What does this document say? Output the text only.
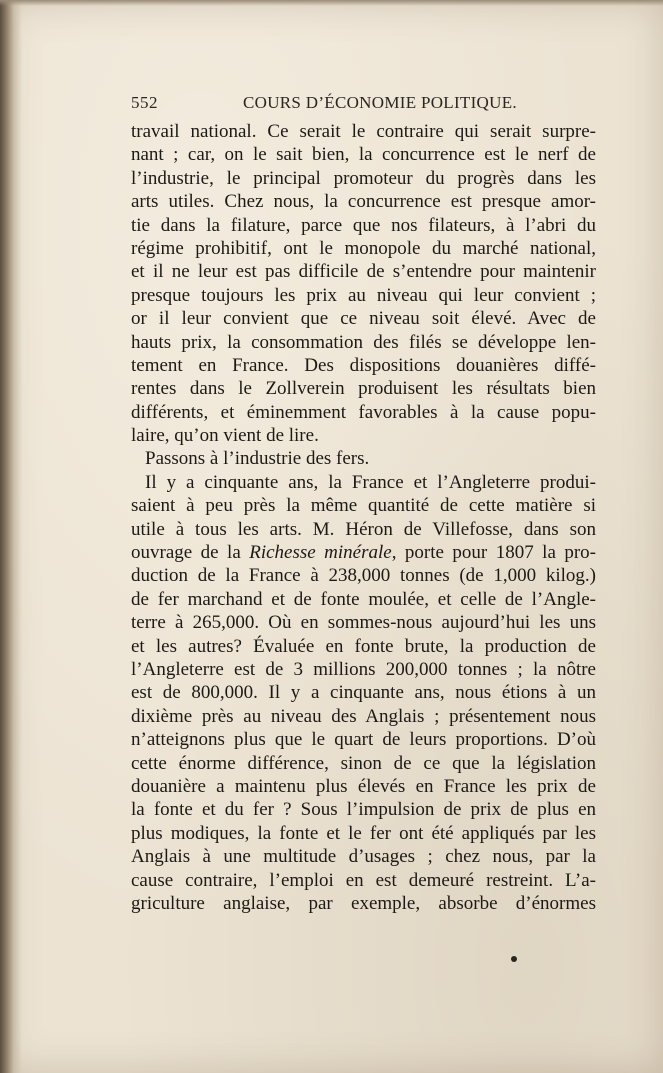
552	COURS D’ÉCONOMIE POLITIQUE.
travail national. Ce serait le contraire qui serait surpre-
nant ; car, on le sait bien, la concurrence est le nerf de
l’industrie, le principal promoteur du progrès dans les
arts utiles. Chez nous, la concurrence est presque amor-
tie dans la filature, parce que nos filateurs, à l’abri du
régime prohibitif, ont le monopole du marché national,
et il ne leur est pas difficile de s’entendre pour maintenir
presque toujours les prix au niveau qui leur convient ;
or il leur convient que ce niveau soit élevé. Avec de
hauts prix, la consommation des filés se développe len-
tement en France. Des dispositions douanières diffé-
rentes dans le Zollverein produisent les résultats bien
différents, et éminemment favorables à la cause popu-
laire, qu’on vient de lire.
Passons à l’industrie des fers.
Il y a cinquante ans, la France et l’Angleterre produi-
saient à peu près la même quantité de cette matière si
utile à tous les arts. M. Héron de Villefosse, dans son
ouvrage de la Richesse minérale, porte pour 1807 la pro-
duction de la France à 238,000 tonnes (de 1,000 kilog.)
de fer marchand et de fonte moulée, et celle de l’Angle-
terre à 265,000. Où en sommes-nous aujourd’hui les uns
et les autres? Évaluée en fonte brute, la production de
l’Angleterre est de 3 millions 200,000 tonnes ; la nôtre
est de 800,000. Il y a cinquante ans, nous étions à un
dixième près au niveau des Anglais ; présentement nous
n’atteignons plus que le quart de leurs proportions. D’où
cette énorme différence, sinon de ce que la législation
douanière a maintenu plus élevés en France les prix de
la fonte et du fer ? Sous l’impulsion de prix de plus en
plus modiques, la fonte et le fer ont été appliqués par les
Anglais à une multitude d’usages ; chez nous, par la
cause contraire, l’emploi en est demeuré restreint. L’a-
griculture anglaise, par exemple, absorbe d’énormes
